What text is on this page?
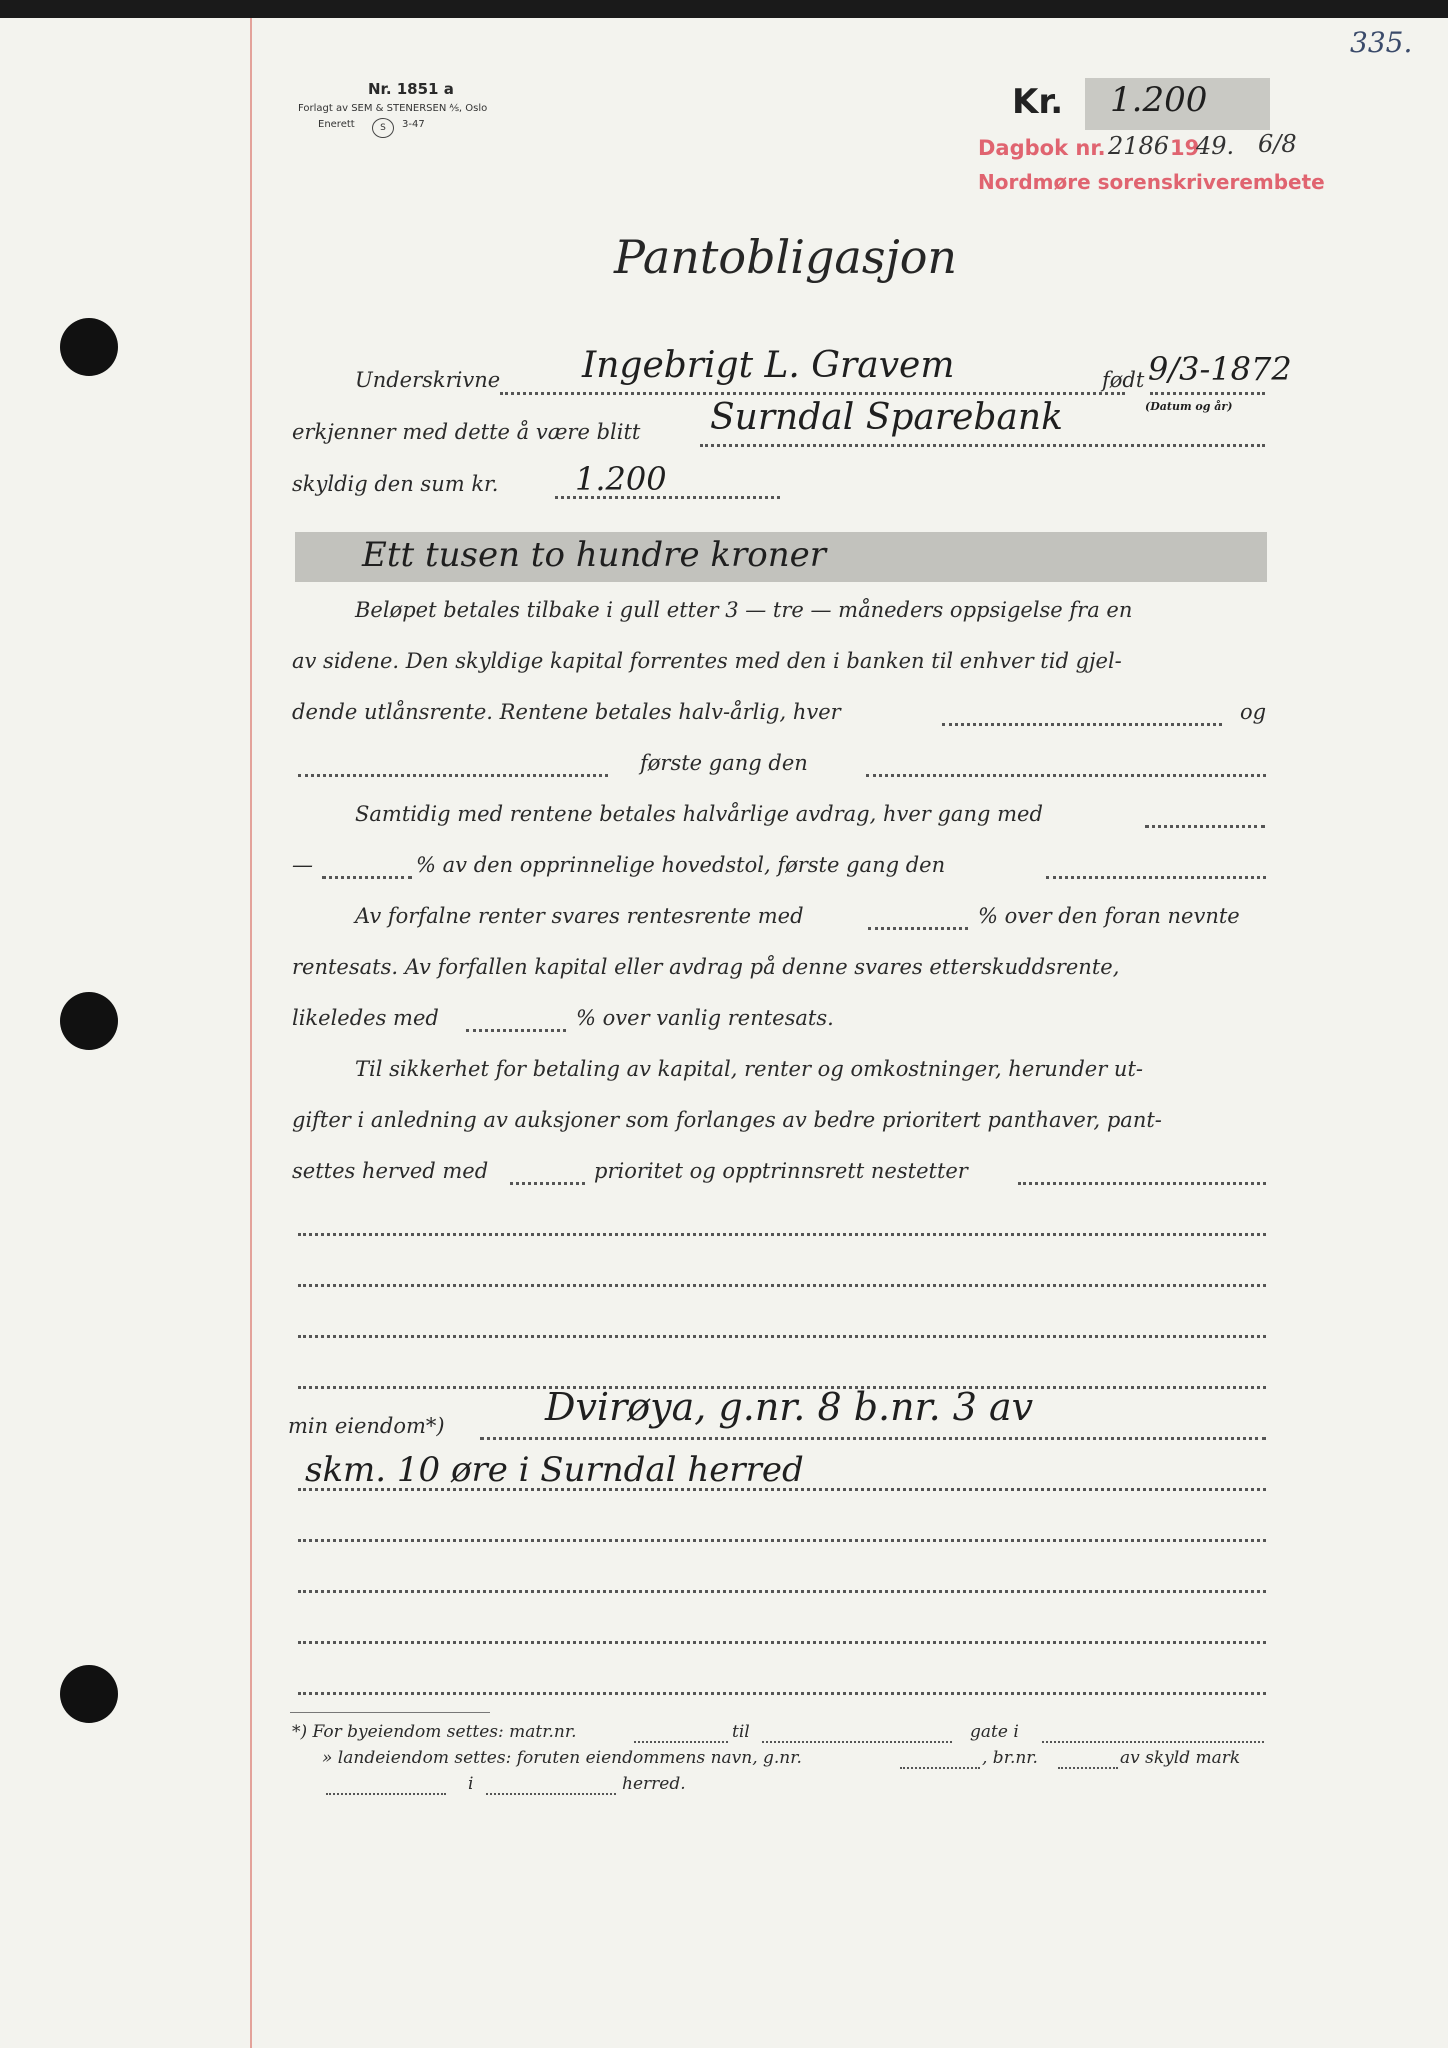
335.
Nr. 1851 a
Forlagt av SEM & STENERSEN ⅍, Oslo
Enerett	S	3-47
Kr. 1.200
Dagbok nr. 2186 19
49. 6/8
Nordmøre sorenskriverembete
Pantobligasjon
Underskrivne Ingebrigt L. Gravem	født 9/3-1872
(Datum og år)
erkjenner med dette å være blitt Surndal Sparebank
skyldig den sum kr. 1.200
Ett tusen to hundre kroner
Beløpet betales tilbake i gull etter 3 — tre — måneders oppsigelse fra en
av sidene. Den skyldige kapital forrentes med den i banken til enhver tid gjel-
dende utlånsrente. Rentene betales halv-årlig, hver	og
første gang den
Samtidig med rentene betales halvårlige avdrag, hver gang med
—	% av den opprinnelige hovedstol, første gang den
Av forfalne renter svares rentesrente med	% over den foran nevnte
rentesats. Av forfallen kapital eller avdrag på denne svares etterskuddsrente,
likeledes med	% over vanlig rentesats.
Til sikkerhet for betaling av kapital, renter og omkostninger, herunder ut-
gifter i anledning av auksjoner som forlanges av bedre prioritert panthaver, pant-
settes herved med	prioritet og opptrinnsrett nestetter
min eiendom*)	Dvirøya, g.nr. 8 b.nr. 3 av
skm. 10 øre i Surndal herred
*) For byeiendom settes: matr.nr.	til	gate i
» landeiendom settes: foruten eiendommens navn, g.nr.	, br.nr.	av skyld mark
i	herred.
